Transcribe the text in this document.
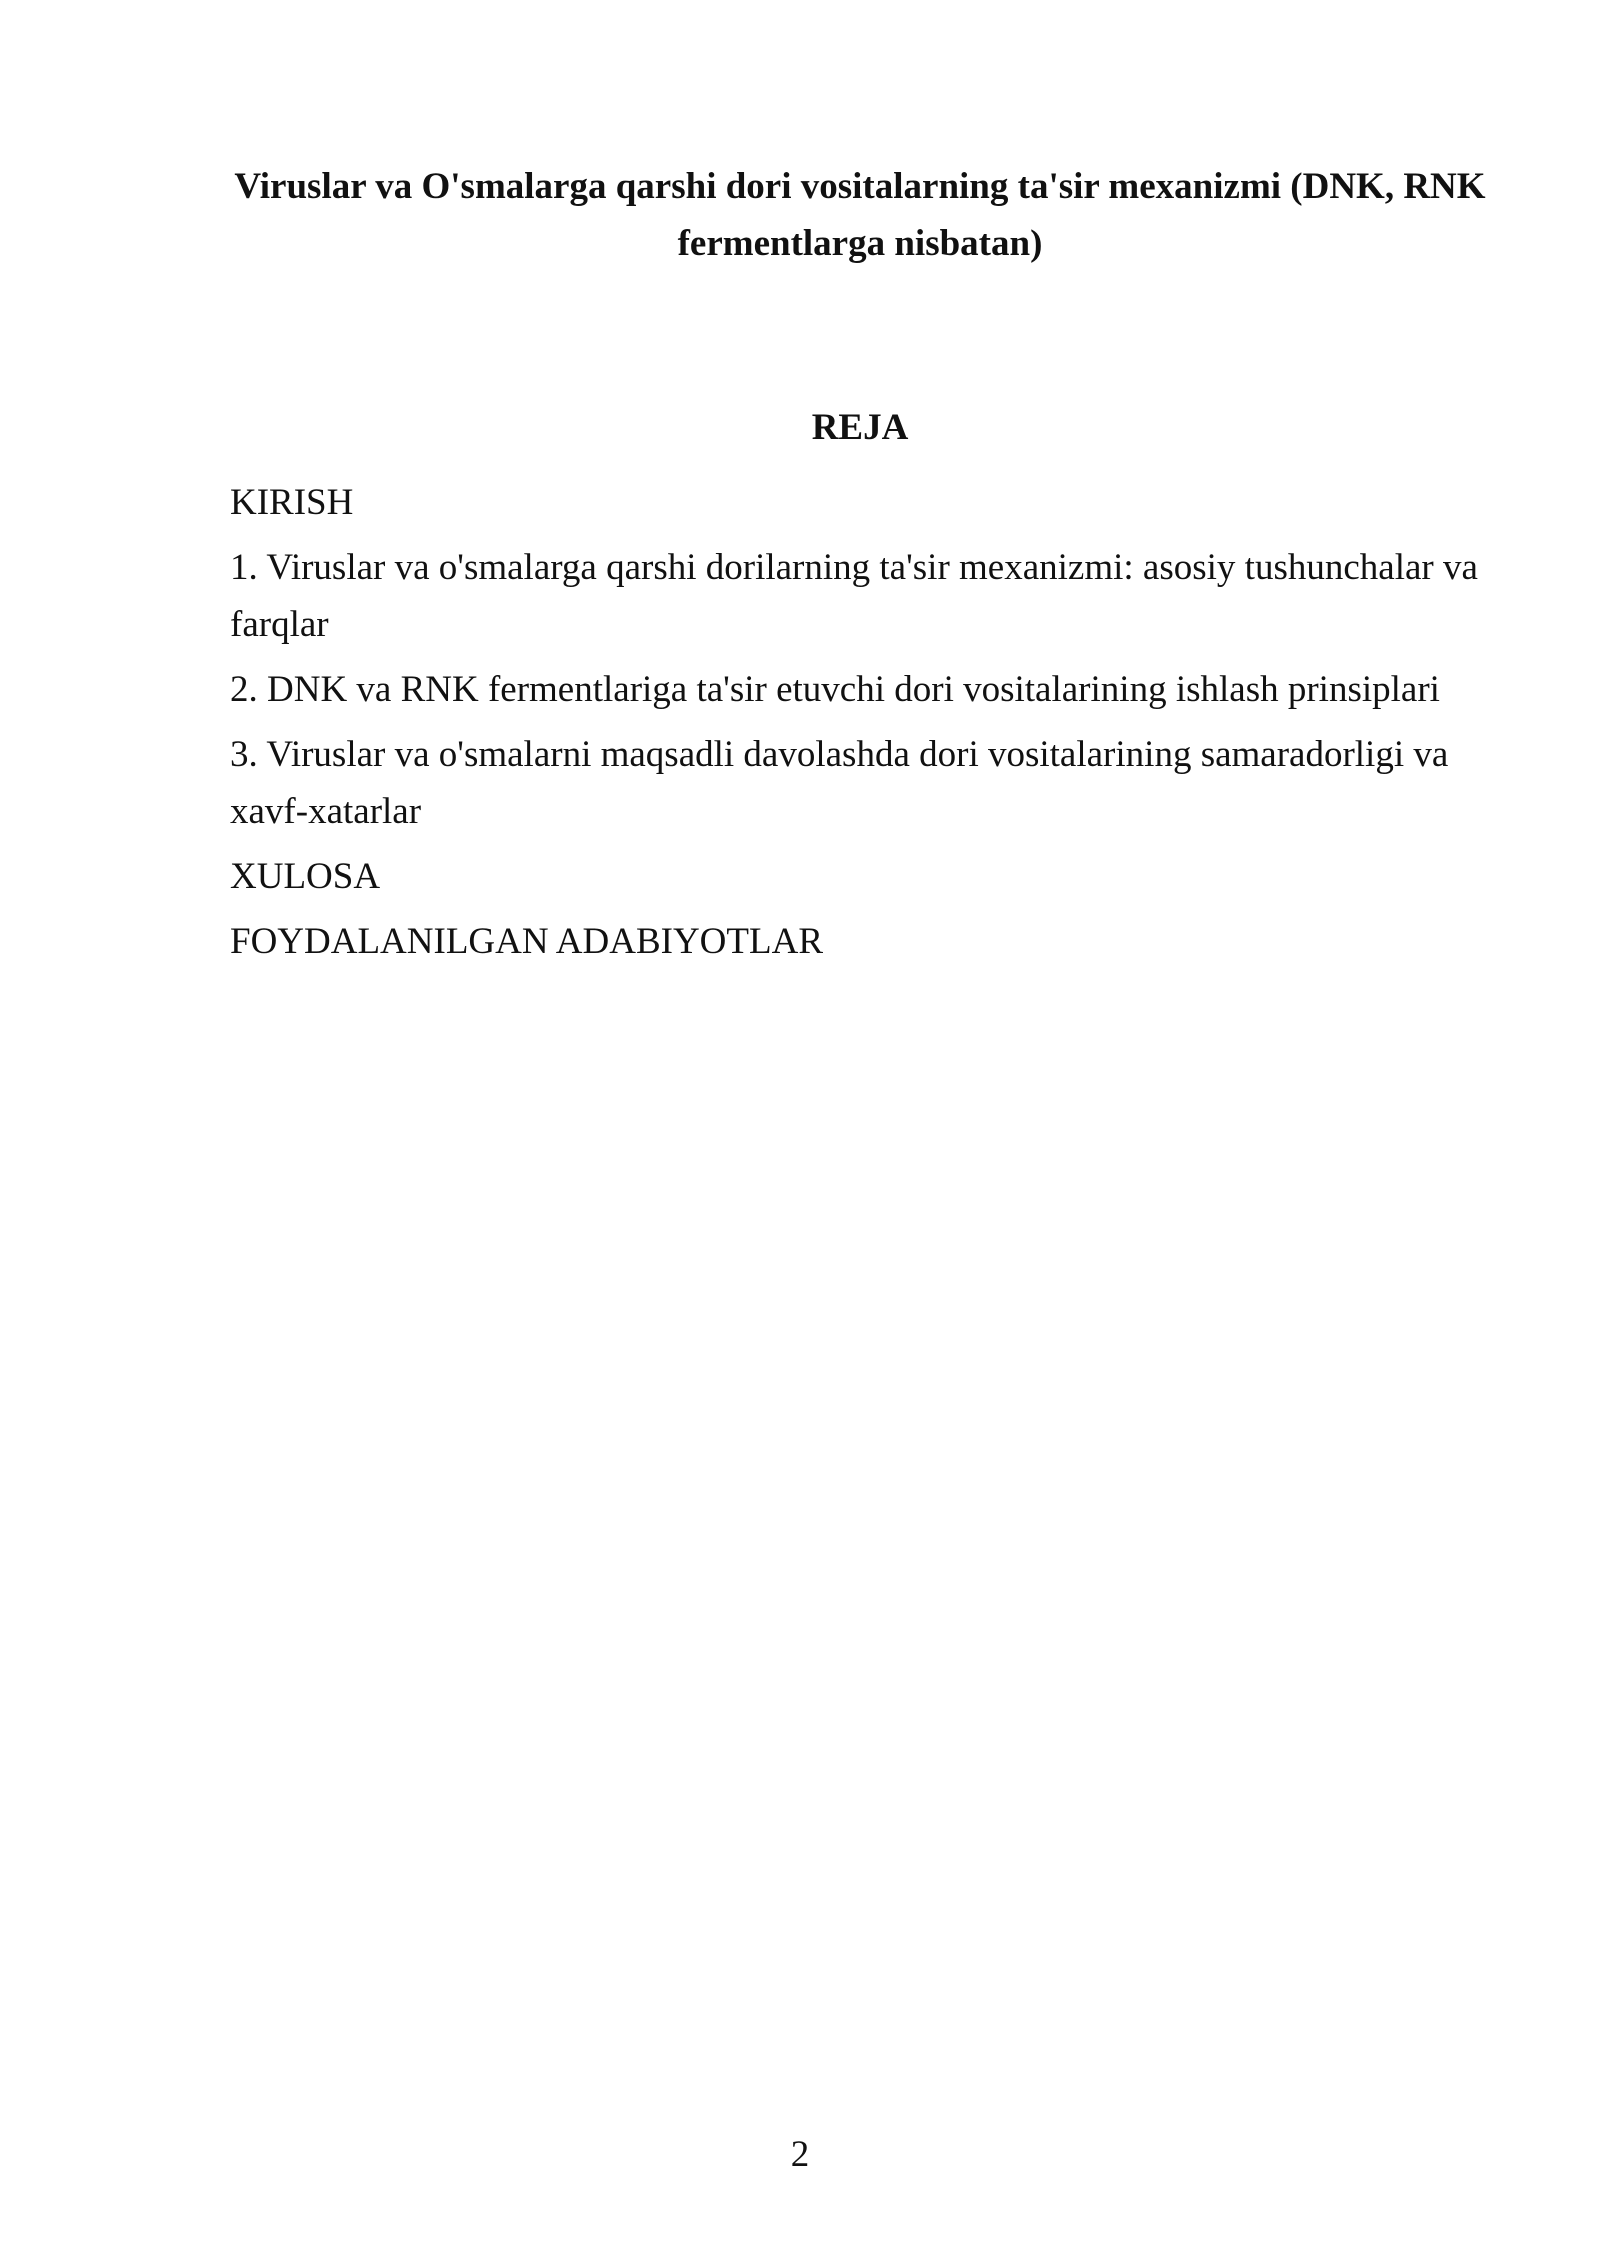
Viruslar va O'smalarga qarshi dori vositalarning ta'sir mexanizmi (DNK, RNK fermentlarga nisbatan)
REJA
KIRISH
1. Viruslar va o'smalarga qarshi dorilarning ta'sir mexanizmi: asosiy tushunchalar va farqlar
2. DNK va RNK fermentlariga ta'sir etuvchi dori vositalarining ishlash prinsiplari
3. Viruslar va o'smalarni maqsadli davolashda dori vositalarining samaradorligi va xavf-xatarlar
XULOSA
FOYDALANILGAN ADABIYOTLAR
2
